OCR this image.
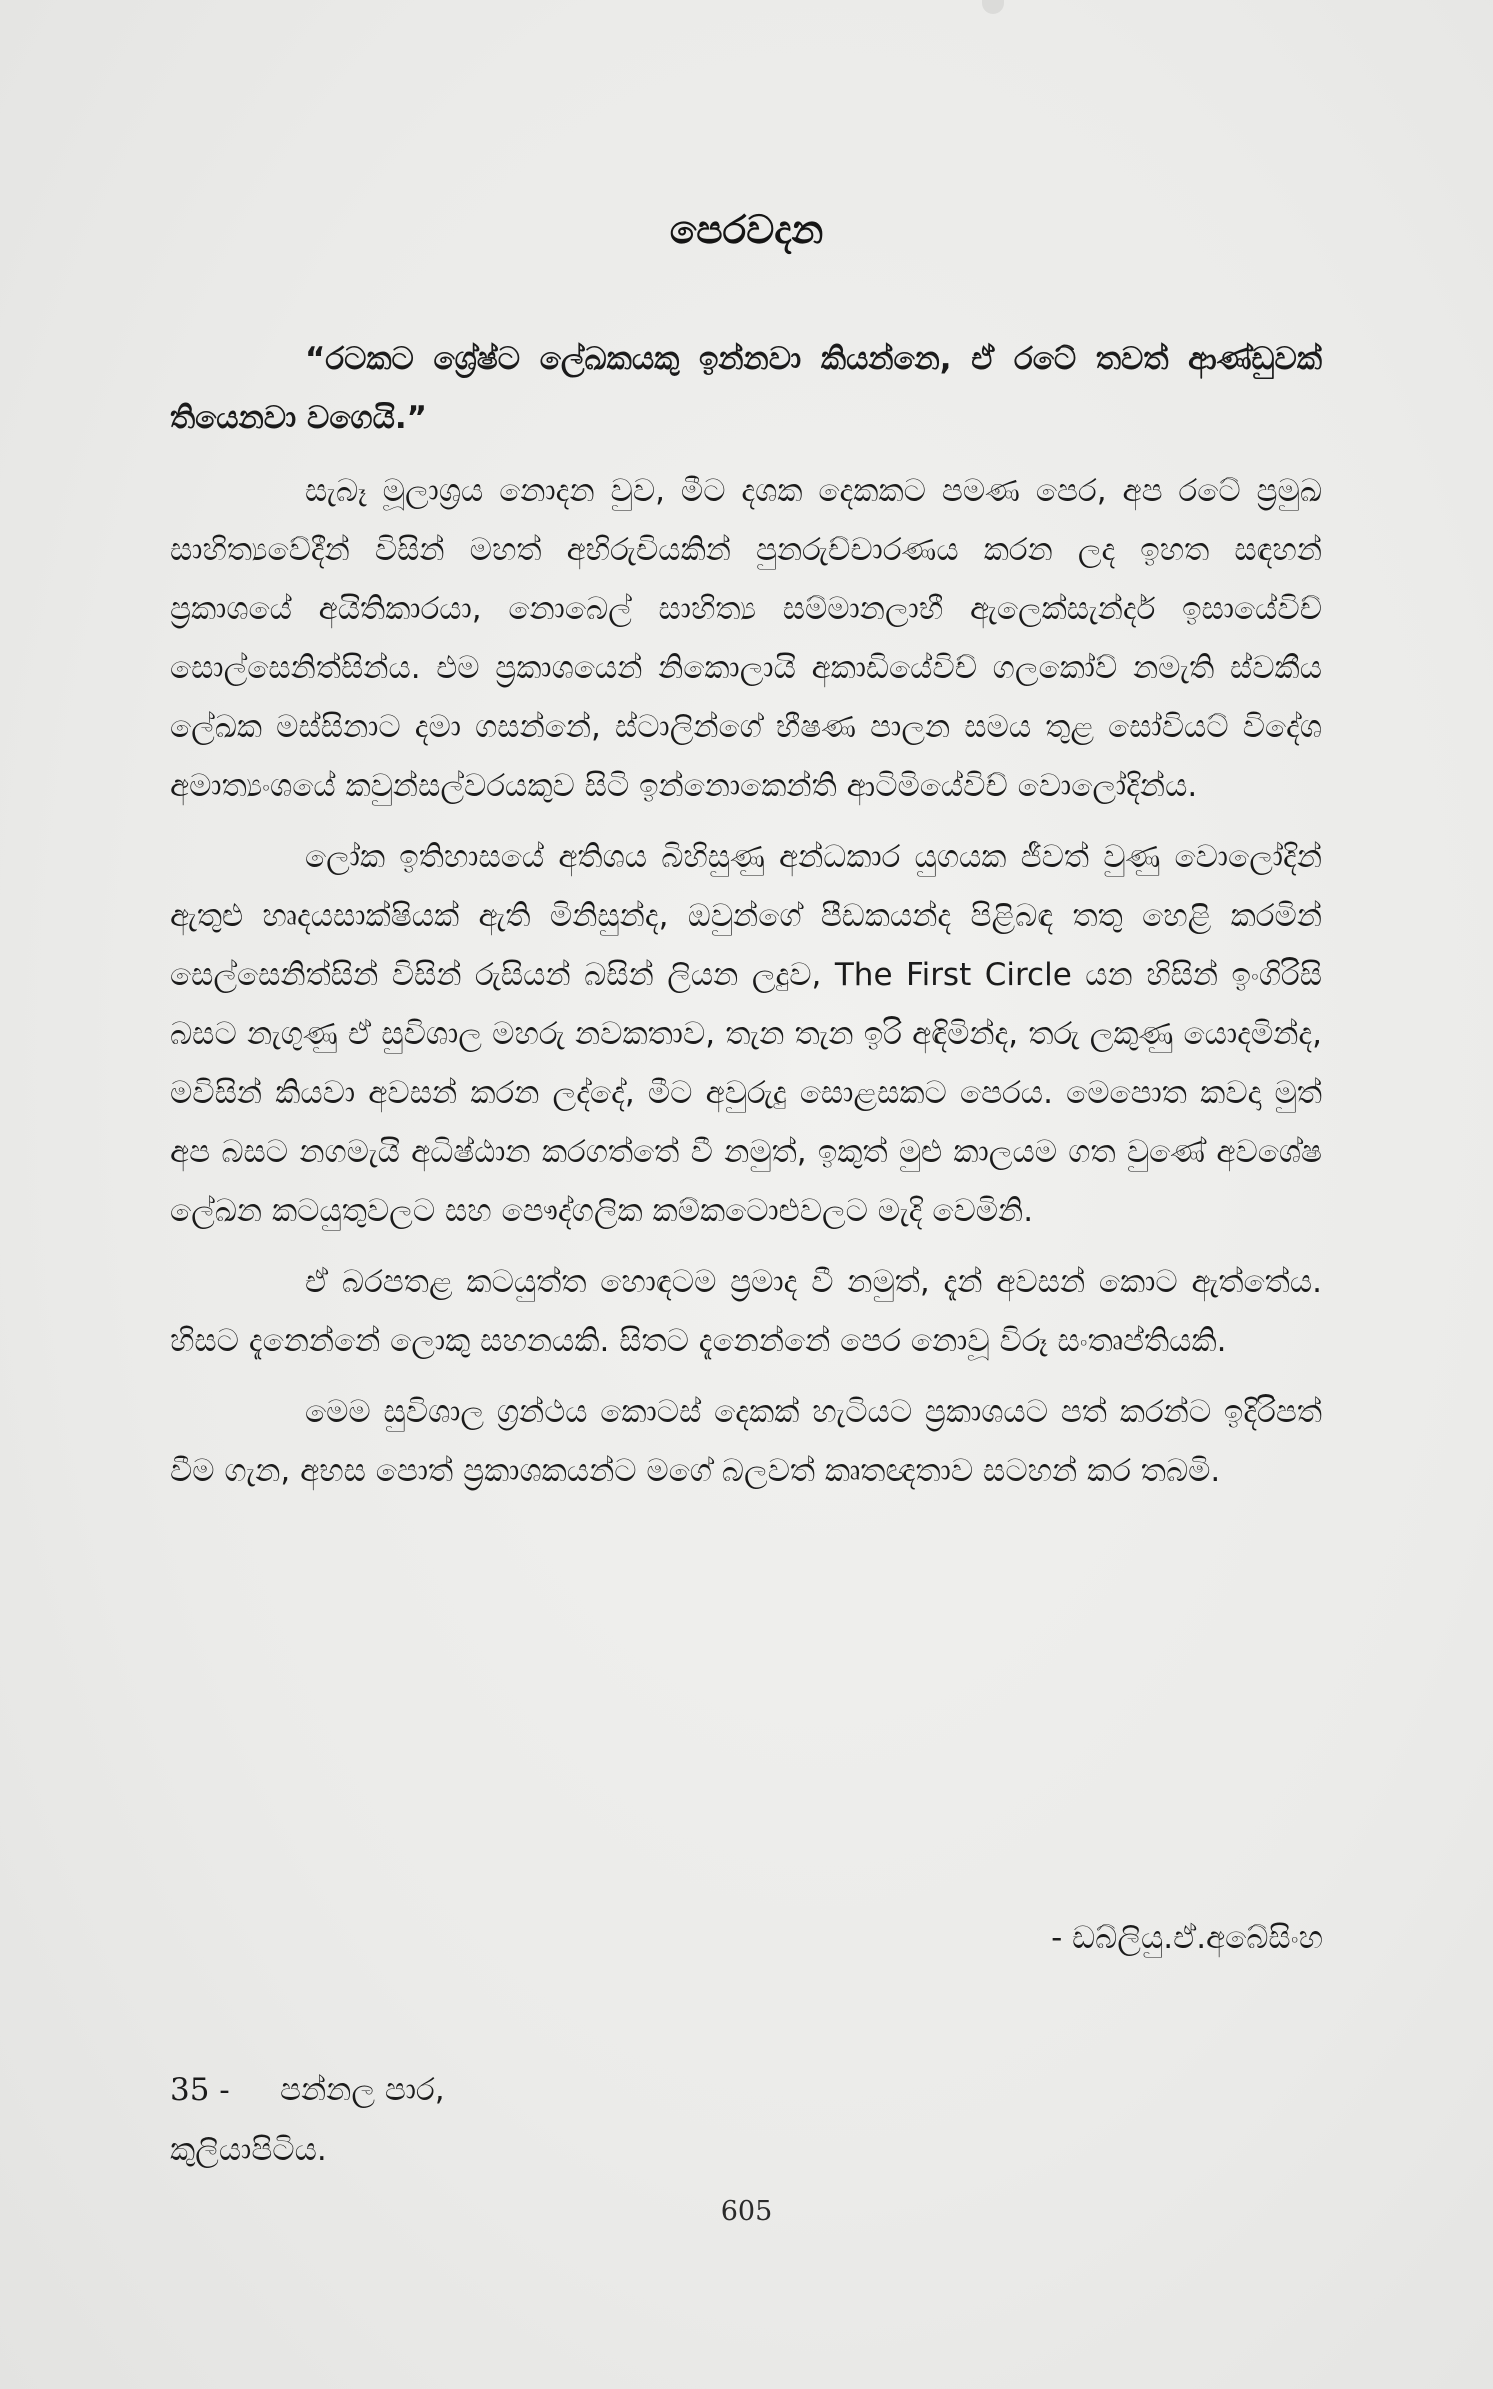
පෙරවදන

“රටකට ශ්‍රේෂ්ට ලේඛකයකු ඉන්නවා කියන්නෙ, ඒ රටේ තවත් ආණ්ඩුවක් තියෙනවා වගෙයි.”

සැබෑ මූලාශ්‍රය නොදන වුව, මීට දශක දෙකකට පමණ පෙර, අප රටේ ප්‍රමුඛ සාහිත්‍යවේදීන් විසින් මහත් අභිරුචියකින් පුනරුච්චාරණය කරන ලද ඉහත සඳහන් ප්‍රකාශයේ අයිතිකාරයා, නොබෙල් සාහිත්‍ය සම්මානලාභී ඇලෙක්සැන්දර් ඉසායේවිච් සොල්සෙනිත්සින්ය. එම ප්‍රකාශයෙන් නිකොලායි අකාඩියේවිච් ගලකෝව් නමැති ස්වකීය ලේඛක මස්සිනාට දමා ගසන්නේ, ස්ටාලින්ගේ භීෂණ පාලන සමය තුළ සෝවියට් විදේශ අමාත්‍යංශයේ කවුන්සල්වරයකුව සිටි ඉන්නොකෙන්ති ආටිමියේවිච් වොලෝදින්ය.

ලෝක ඉතිහාසයේ අතිශය බිහිසුණු අන්ධකාර යුගයක ජීවත් වුණු වොලෝදින් ඇතුළු හෘදයසාක්ෂියක් ඇති මිනිසුන්ද, ඔවුන්ගේ පීඩකයන්ද පිළිබඳ තතු හෙළි කරමින් සෙල්සෙනිත්සින් විසින් රුසියන් බසින් ලියන ලදුව, The First Circle යන හිසින් ඉංගිරිසි බසට නැගුණු ඒ සුවිශාල මහරු නවකතාව, තැන තැන ඉරි අඳිමින්ද, තරු ලකුණු යොදමින්ද, මවිසින් කියවා අවසන් කරන ලද්දේ, මීට අවුරුදු සොළසකට පෙරය. මෙපොත කවදා මුත් අප බසට නගමැයි අධිෂ්ඨාන කරගත්තේ වී නමුත්, ඉකුත් මුළු කාලයම ගත වුණේ අවශේෂ ලේඛන කටයුතුවලට සහ පෞද්ගලික කම්කටොළුවලට මැදි වෙමිනි.

ඒ බරපතළ කටයුත්ත හොඳටම ප්‍රමාද වී නමුත්, දැන් අවසන් කොට ඇත්තේය. හිසට දැනෙන්නේ ලොකු සහනයකි. සිතට දැනෙන්නේ පෙර නොවූ විරූ සංතෘප්තියකි.

මෙම සුවිශාල ග්‍රන්ථය කොටස් දෙකක් හැටියට ප්‍රකාශයට පත් කරන්ට ඉදිරිපත් වීම ගැන, අභස පොත් ප්‍රකාශකයන්ට මගේ බලවත් කෘතඥතාව සටහන් කර තබමි.

- ඩබ්ලියු.ඒ.අබේසිංහ
35 - පන්නල පාර,
කුලියාපිටිය.
605
